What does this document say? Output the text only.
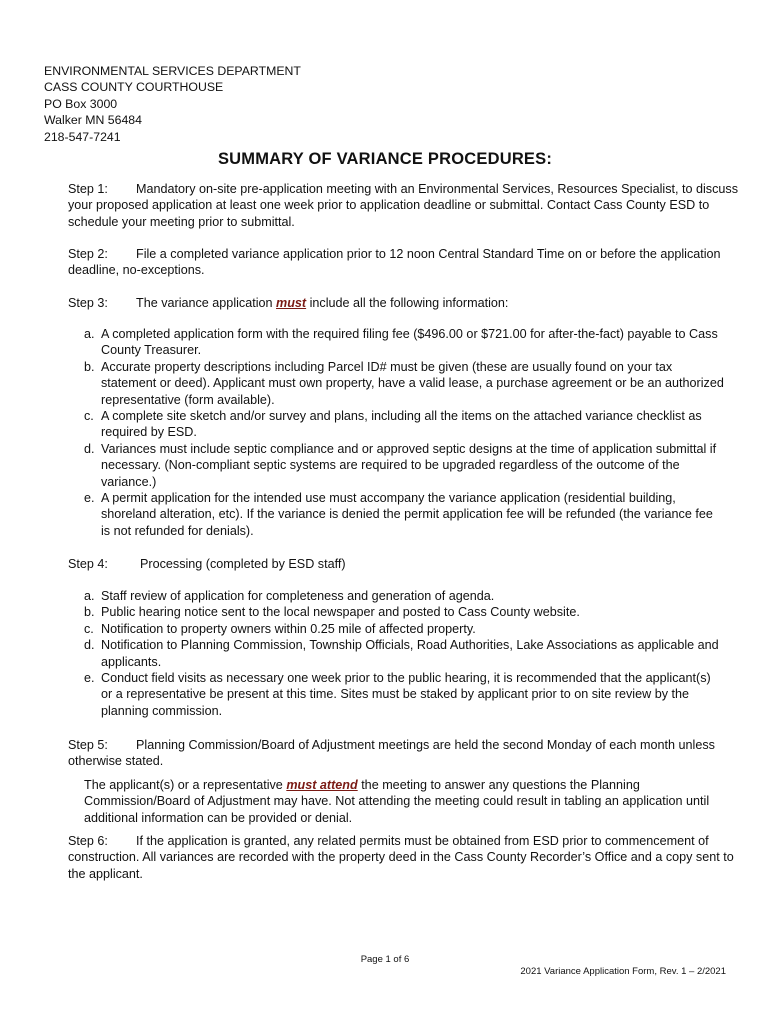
ENVIRONMENTAL SERVICES DEPARTMENT
CASS COUNTY COURTHOUSE
PO Box 3000
Walker MN 56484
218-547-7241
SUMMARY OF VARIANCE PROCEDURES:
Step 1: Mandatory on-site pre-application meeting with an Environmental Services, Resources Specialist, to discuss your proposed application at least one week prior to application deadline or submittal. Contact Cass County ESD to schedule your meeting prior to submittal.
Step 2: File a completed variance application prior to 12 noon Central Standard Time on or before the application deadline, no-exceptions.
Step 3: The variance application must include all the following information:
a. A completed application form with the required filing fee ($496.00 or $721.00 for after-the-fact) payable to Cass County Treasurer.
b. Accurate property descriptions including Parcel ID# must be given (these are usually found on your tax statement or deed). Applicant must own property, have a valid lease, a purchase agreement or be an authorized representative (form available).
c. A complete site sketch and/or survey and plans, including all the items on the attached variance checklist as required by ESD.
d. Variances must include septic compliance and or approved septic designs at the time of application submittal if necessary. (Non-compliant septic systems are required to be upgraded regardless of the outcome of the variance.)
e. A permit application for the intended use must accompany the variance application (residential building, shoreland alteration, etc). If the variance is denied the permit application fee will be refunded (the variance fee is not refunded for denials).
Step 4:	Processing (completed by ESD staff)
a. Staff review of application for completeness and generation of agenda.
b. Public hearing notice sent to the local newspaper and posted to Cass County website.
c. Notification to property owners within 0.25 mile of affected property.
d. Notification to Planning Commission, Township Officials, Road Authorities, Lake Associations as applicable and applicants.
e. Conduct field visits as necessary one week prior to the public hearing, it is recommended that the applicant(s) or a representative be present at this time. Sites must be staked by applicant prior to on site review by the planning commission.
Step 5: Planning Commission/Board of Adjustment meetings are held the second Monday of each month unless otherwise stated.
The applicant(s) or a representative must attend the meeting to answer any questions the Planning Commission/Board of Adjustment may have. Not attending the meeting could result in tabling an application until additional information can be provided or denial.
Step 6: If the application is granted, any related permits must be obtained from ESD prior to commencement of construction. All variances are recorded with the property deed in the Cass County Recorder’s Office and a copy sent to the applicant.
Page 1 of 6
2021 Variance Application Form, Rev. 1 – 2/2021
